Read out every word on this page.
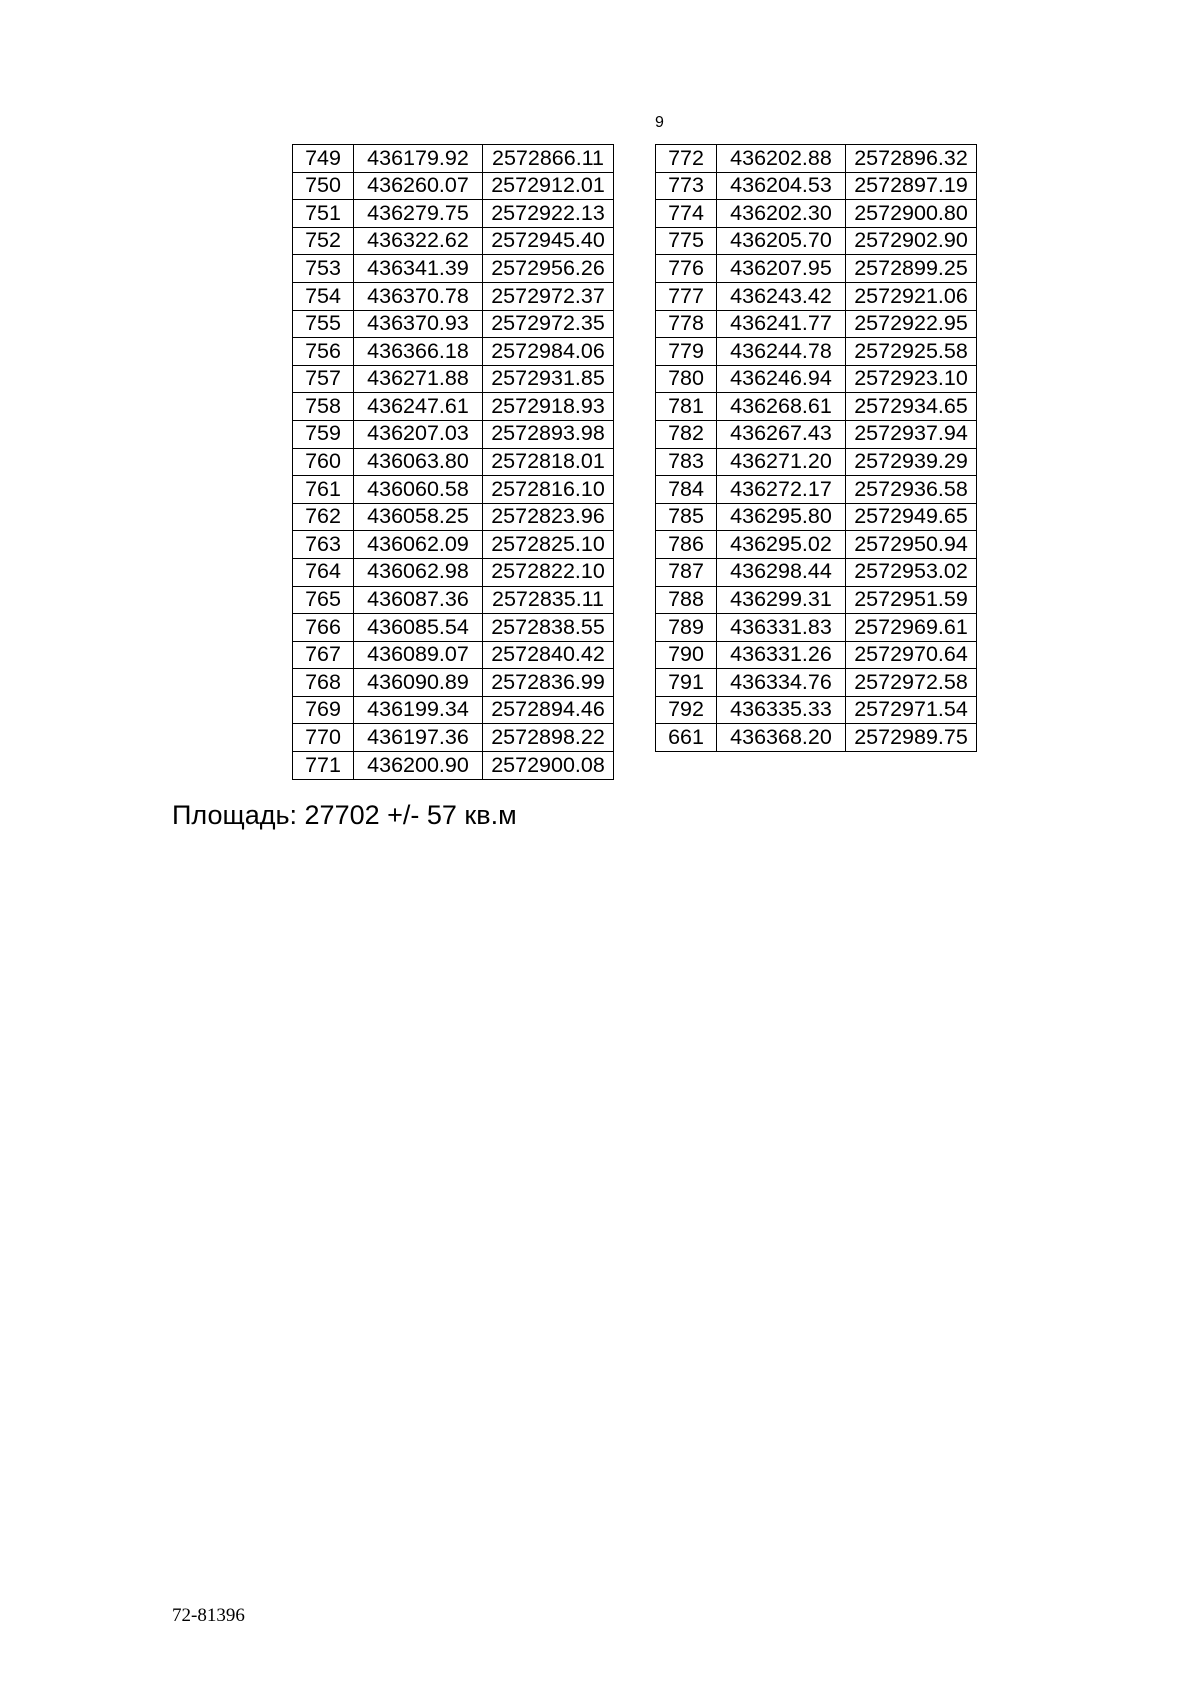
9
749	436179.92	2572866.11
750	436260.07	2572912.01
751	436279.75	2572922.13
752	436322.62	2572945.40
753	436341.39	2572956.26
754	436370.78	2572972.37
755	436370.93	2572972.35
756	436366.18	2572984.06
757	436271.88	2572931.85
758	436247.61	2572918.93
759	436207.03	2572893.98
760	436063.80	2572818.01
761	436060.58	2572816.10
762	436058.25	2572823.96
763	436062.09	2572825.10
764	436062.98	2572822.10
765	436087.36	2572835.11
766	436085.54	2572838.55
767	436089.07	2572840.42
768	436090.89	2572836.99
769	436199.34	2572894.46
770	436197.36	2572898.22
771	436200.90	2572900.08
772	436202.88	2572896.32
773	436204.53	2572897.19
774	436202.30	2572900.80
775	436205.70	2572902.90
776	436207.95	2572899.25
777	436243.42	2572921.06
778	436241.77	2572922.95
779	436244.78	2572925.58
780	436246.94	2572923.10
781	436268.61	2572934.65
782	436267.43	2572937.94
783	436271.20	2572939.29
784	436272.17	2572936.58
785	436295.80	2572949.65
786	436295.02	2572950.94
787	436298.44	2572953.02
788	436299.31	2572951.59
789	436331.83	2572969.61
790	436331.26	2572970.64
791	436334.76	2572972.58
792	436335.33	2572971.54
661	436368.20	2572989.75
Площадь: 27702 +/- 57 кв.м
72-81396
